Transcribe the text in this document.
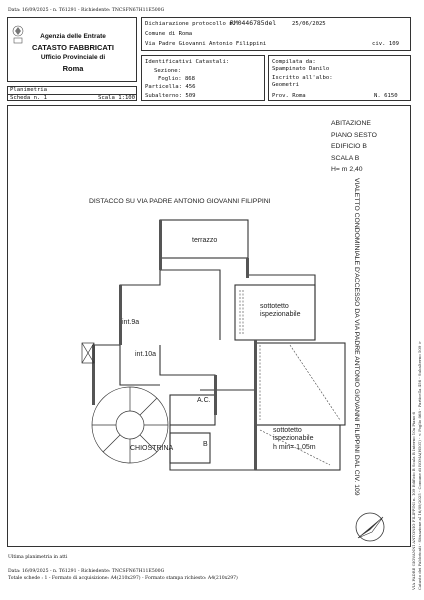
Data: 16/09/2025 - n. T61291 - Richiedente: TNCSFN67H11E500G
Agenzia delle Entrate
CATASTO FABBRICATI
Ufficio Provinciale di
Roma
Dichiarazione protocollo n.
RM0446785del	25/06/2025
Comune di Roma
Via Padre Giovanni Antonio Filippini	civ. 109
Identificativi Catastali:
Sezione:
Foglio: 868
Particella: 456
Subalterno: 509
Compilata da:
Spampinato Danilo
Iscritto all'albo:
Geometri
Prov. Roma	N. 6150
Planimetria
Scheda n. 1	Scala 1:100
ABITAZIONE
PIANO SESTO
EDIFICIO B
SCALA B
H= m 2,40
DISTACCO SU VIA PADRE ANTONIO GIOVANNI FILIPPINI
terrazzo
sottotetto
ispezionabile
int.9a
int.10a
A.C.
B
CHIOSTRINA
sottotetto
ispezionabile
h min= 1,05m	VIALETTO CONDOMINIALE D'ACCESSO DA VIA PADRE ANTONIO GIOVANNI FILIPPINI DAL CIV. 109	Catasto dei Fabbricati - Situazione al 16/09/2025 - Comune di ROMA(H501) - < Foglio 868 - Particella 456 - Subalterno 509 >
VIA PADRE GIOVANNI ANTONIO FILIPPINI n. 109 Edificio B Scala B Interno 10a Piano 6
Ultima planimetria in atti
Data: 16/09/2025 - n. T61291 - Richiedente: TNCSFN67H11E500G
Totale schede : 1 - Formato di acquisizione: A4(210x297) - Formato stampa richiesto: A4(210x297)
